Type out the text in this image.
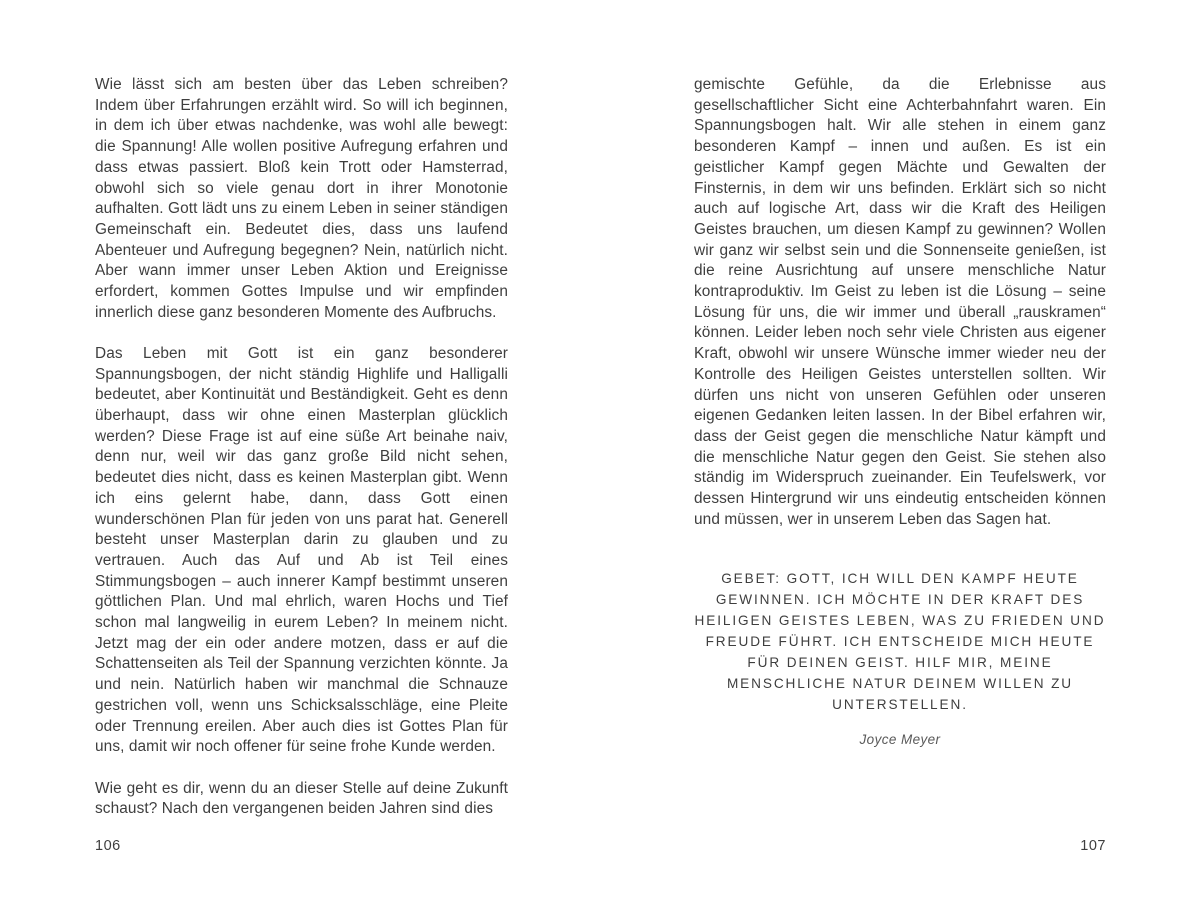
Wie lässt sich am besten über das Leben schreiben? Indem über Erfahrungen erzählt wird. So will ich beginnen, in dem ich über etwas nachdenke, was wohl alle bewegt: die Spannung! Alle wollen positive Aufregung erfahren und dass etwas passiert. Bloß kein Trott oder Hamsterrad, obwohl sich so viele genau dort in ihrer Monotonie aufhalten. Gott lädt uns zu einem Leben in seiner ständigen Gemeinschaft ein. Bedeutet dies, dass uns laufend Abenteuer und Aufregung begegnen? Nein, natürlich nicht. Aber wann immer unser Leben Aktion und Ereignisse erfordert, kommen Gottes Impulse und wir empfinden innerlich diese ganz besonderen Momente des Aufbruchs.

Das Leben mit Gott ist ein ganz besonderer Spannungsbogen, der nicht ständig Highlife und Halligalli bedeutet, aber Kontinuität und Beständigkeit. Geht es denn überhaupt, dass wir ohne einen Masterplan glücklich werden? Diese Frage ist auf eine süße Art beinahe naiv, denn nur, weil wir das ganz große Bild nicht sehen, bedeutet dies nicht, dass es keinen Masterplan gibt. Wenn ich eins gelernt habe, dann, dass Gott einen wunderschönen Plan für jeden von uns parat hat. Generell besteht unser Masterplan darin zu glauben und zu vertrauen. Auch das Auf und Ab ist Teil eines Stimmungsbogen – auch innerer Kampf bestimmt unseren göttlichen Plan. Und mal ehrlich, waren Hochs und Tief schon mal langweilig in eurem Leben? In meinem nicht. Jetzt mag der ein oder andere motzen, dass er auf die Schattenseiten als Teil der Spannung verzichten könnte. Ja und nein. Natürlich haben wir manchmal die Schnauze gestrichen voll, wenn uns Schicksalsschläge, eine Pleite oder Trennung ereilen. Aber auch dies ist Gottes Plan für uns, damit wir noch offener für seine frohe Kunde werden.

Wie geht es dir, wenn du an dieser Stelle auf deine Zukunft schaust? Nach den vergangenen beiden Jahren sind dies

gemischte Gefühle, da die Erlebnisse aus gesellschaftlicher Sicht eine Achterbahnfahrt waren. Ein Spannungsbogen halt. Wir alle stehen in einem ganz besonderen Kampf – innen und außen. Es ist ein geistlicher Kampf gegen Mächte und Gewalten der Finsternis, in dem wir uns befinden. Erklärt sich so nicht auch auf logische Art, dass wir die Kraft des Heiligen Geistes brauchen, um diesen Kampf zu gewinnen? Wollen wir ganz wir selbst sein und die Sonnenseite genießen, ist die reine Ausrichtung auf unsere menschliche Natur kontraproduktiv. Im Geist zu leben ist die Lösung – seine Lösung für uns, die wir immer und überall „rauskramen“ können. Leider leben noch sehr viele Christen aus eigener Kraft, obwohl wir unsere Wünsche immer wieder neu der Kontrolle des Heiligen Geistes unterstellen sollten. Wir dürfen uns nicht von unseren Gefühlen oder unseren eigenen Gedanken leiten lassen. In der Bibel erfahren wir, dass der Geist gegen die menschliche Natur kämpft und die menschliche Natur gegen den Geist. Sie stehen also ständig im Widerspruch zueinander. Ein Teufelswerk, vor dessen Hintergrund wir uns eindeutig entscheiden können und müssen, wer in unserem Leben das Sagen hat.

GEBET: GOTT, ICH WILL DEN KAMPF HEUTE GEWINNEN. ICH MÖCHTE IN DER KRAFT DES HEILIGEN GEISTES LEBEN, WAS ZU FRIEDEN UND FREUDE FÜHRT. ICH ENTSCHEIDE MICH HEUTE FÜR DEINEN GEIST. HILF MIR, MEINE MENSCHLICHE NATUR DEINEM WILLEN ZU UNTERSTELLEN.
Joyce Meyer
106	107
